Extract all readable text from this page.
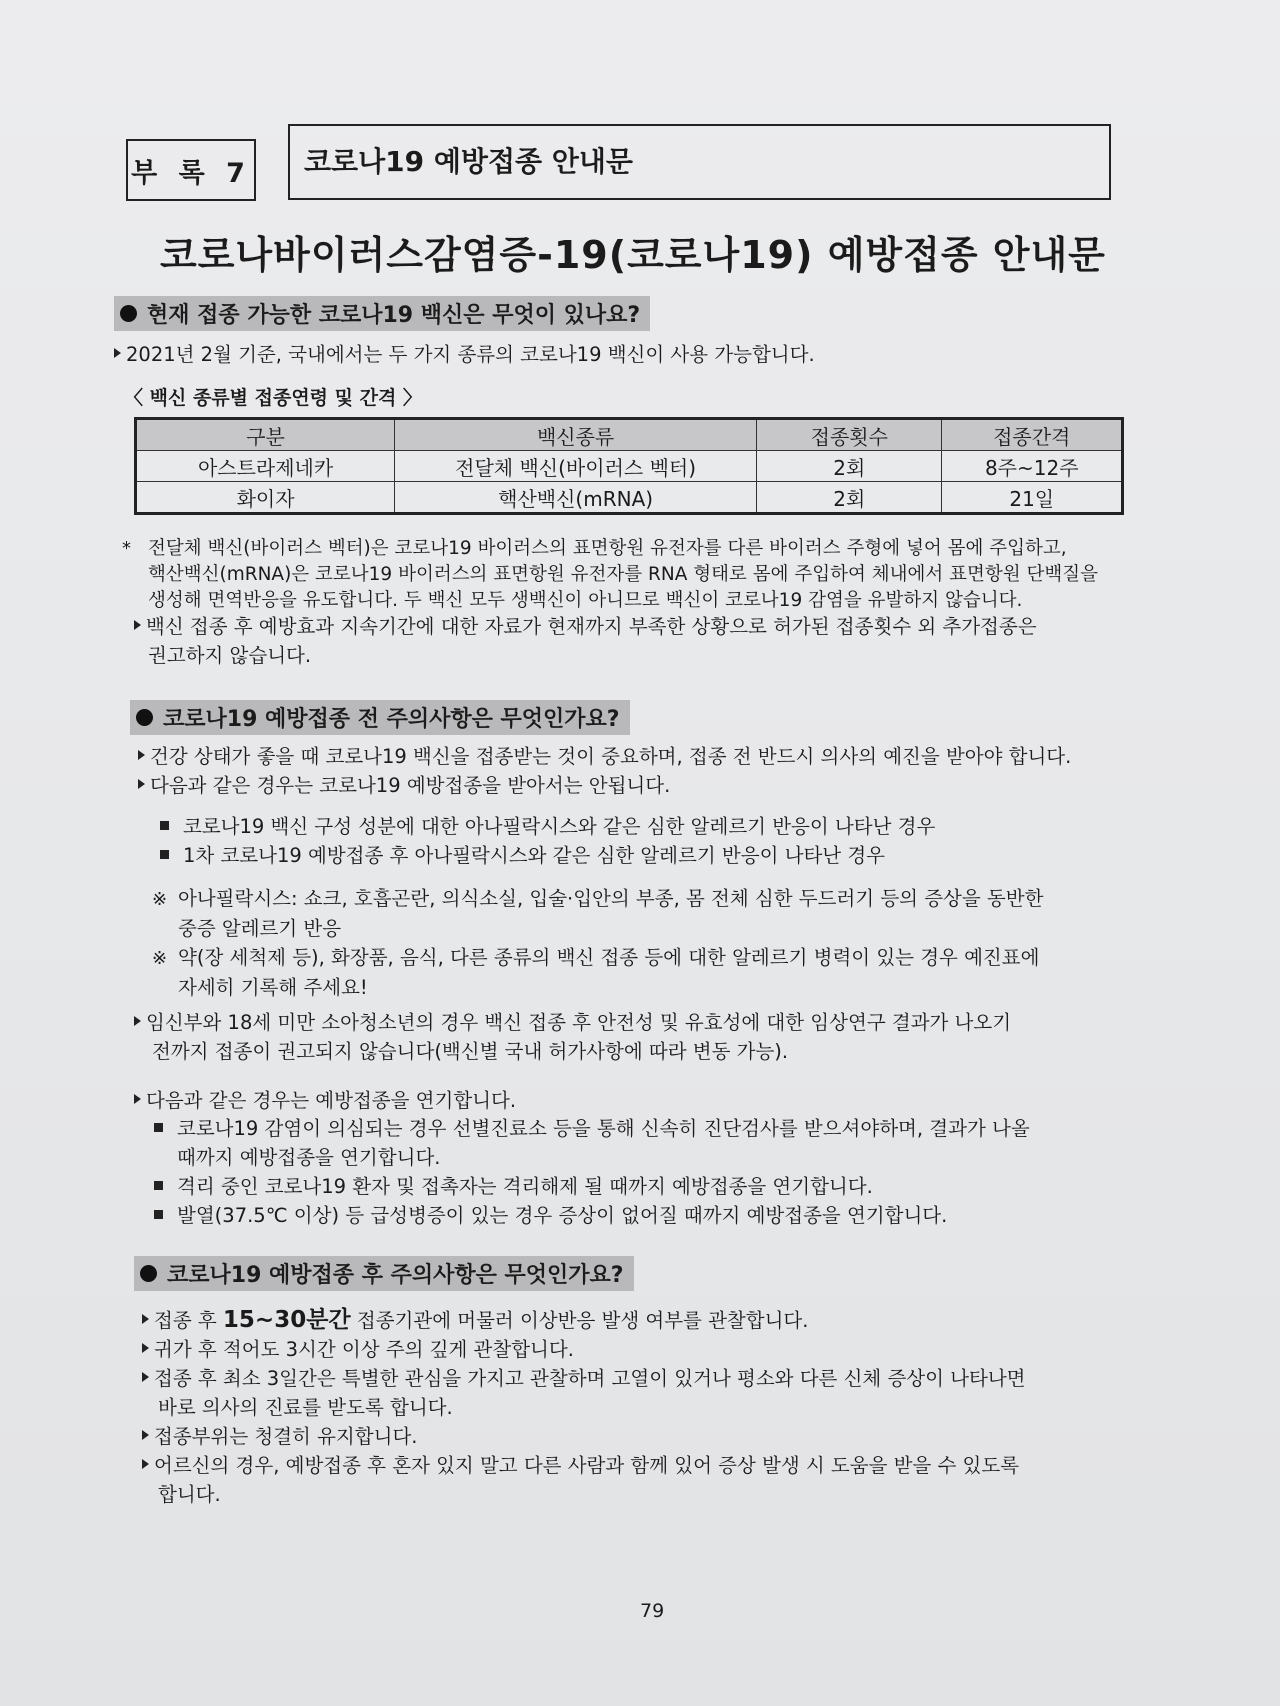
부 록 7	코로나19 예방접종 안내문
코로나바이러스감염증-19(코로나19) 예방접종 안내문
현재 접종 가능한 코로나19 백신은 무엇이 있나요?
2021년 2월 기준, 국내에서는 두 가지 종류의 코로나19 백신이 사용 가능합니다.
〈 백신 종류별 접종연령 및 간격 〉
구분	백신종류	접종횟수	접종간격
아스트라제네카	전달체 백신(바이러스 벡터)	2회	8주~12주
화이자	핵산백신(mRNA)	2회	21일
* 전달체 백신(바이러스 벡터)은 코로나19 바이러스의 표면항원 유전자를 다른 바이러스 주형에 넣어 몸에 주입하고,
핵산백신(mRNA)은 코로나19 바이러스의 표면항원 유전자를 RNA 형태로 몸에 주입하여 체내에서 표면항원 단백질을
생성해 면역반응을 유도합니다. 두 백신 모두 생백신이 아니므로 백신이 코로나19 감염을 유발하지 않습니다.
백신 접종 후 예방효과 지속기간에 대한 자료가 현재까지 부족한 상황으로 허가된 접종횟수 외 추가접종은
권고하지 않습니다.
코로나19 예방접종 전 주의사항은 무엇인가요?
건강 상태가 좋을 때 코로나19 백신을 접종받는 것이 중요하며, 접종 전 반드시 의사의 예진을 받아야 합니다.
다음과 같은 경우는 코로나19 예방접종을 받아서는 안됩니다.
코로나19 백신 구성 성분에 대한 아나필락시스와 같은 심한 알레르기 반응이 나타난 경우
1차 코로나19 예방접종 후 아나필락시스와 같은 심한 알레르기 반응이 나타난 경우
※ 아나필락시스: 쇼크, 호흡곤란, 의식소실, 입술·입안의 부종, 몸 전체 심한 두드러기 등의 증상을 동반한
중증 알레르기 반응
※ 약(장 세척제 등), 화장품, 음식, 다른 종류의 백신 접종 등에 대한 알레르기 병력이 있는 경우 예진표에
자세히 기록해 주세요!
임신부와 18세 미만 소아청소년의 경우 백신 접종 후 안전성 및 유효성에 대한 임상연구 결과가 나오기
전까지 접종이 권고되지 않습니다(백신별 국내 허가사항에 따라 변동 가능).
다음과 같은 경우는 예방접종을 연기합니다.
코로나19 감염이 의심되는 경우 선별진료소 등을 통해 신속히 진단검사를 받으셔야하며, 결과가 나올
때까지 예방접종을 연기합니다.
격리 중인 코로나19 환자 및 접촉자는 격리해제 될 때까지 예방접종을 연기합니다.
발열(37.5℃ 이상) 등 급성병증이 있는 경우 증상이 없어질 때까지 예방접종을 연기합니다.
코로나19 예방접종 후 주의사항은 무엇인가요?
접종 후 15~30분간 접종기관에 머물러 이상반응 발생 여부를 관찰합니다.
귀가 후 적어도 3시간 이상 주의 깊게 관찰합니다.
접종 후 최소 3일간은 특별한 관심을 가지고 관찰하며 고열이 있거나 평소와 다른 신체 증상이 나타나면
바로 의사의 진료를 받도록 합니다.
접종부위는 청결히 유지합니다.
어르신의 경우, 예방접종 후 혼자 있지 말고 다른 사람과 함께 있어 증상 발생 시 도움을 받을 수 있도록
합니다.
79
